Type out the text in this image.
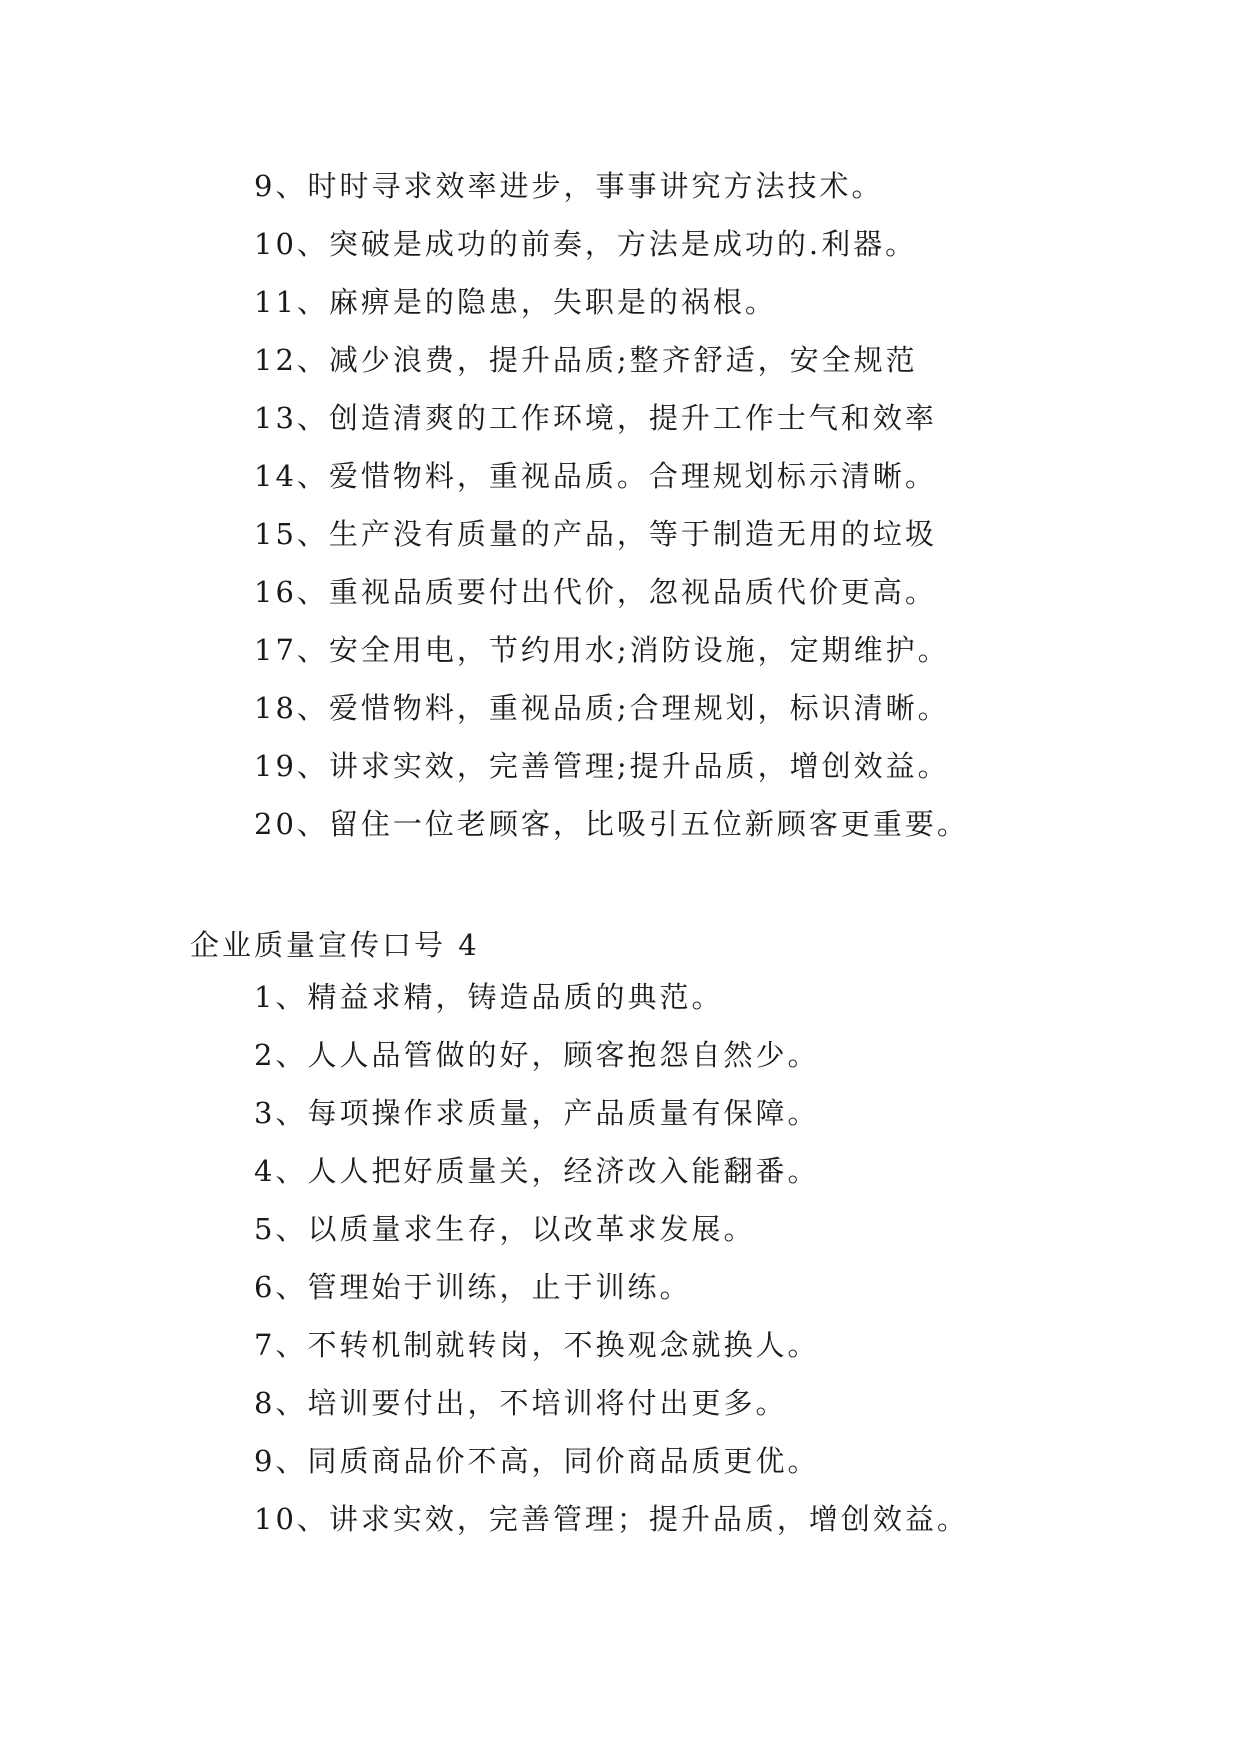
9、时时寻求效率进步，事事讲究方法技术。
10、突破是成功的前奏，方法是成功的.利器。
11、麻痹是的隐患，失职是的祸根。
12、减少浪费，提升品质;整齐舒适，安全规范
13、创造清爽的工作环境，提升工作士气和效率
14、爱惜物料，重视品质。合理规划标示清晰。
15、生产没有质量的产品，等于制造无用的垃圾
16、重视品质要付出代价，忽视品质代价更高。
17、安全用电，节约用水;消防设施，定期维护。
18、爱惜物料，重视品质;合理规划，标识清晰。
19、讲求实效，完善管理;提升品质，增创效益。
20、留住一位老顾客，比吸引五位新顾客更重要。
企业质量宣传口号 4
1、精益求精，铸造品质的典范。
2、人人品管做的好，顾客抱怨自然少。
3、每项操作求质量，产品质量有保障。
4、人人把好质量关，经济改入能翻番。
5、以质量求生存，以改革求发展。
6、管理始于训练，止于训练。
7、不转机制就转岗，不换观念就换人。
8、培训要付出，不培训将付出更多。
9、同质商品价不高，同价商品质更优。
10、讲求实效，完善管理；提升品质，增创效益。
